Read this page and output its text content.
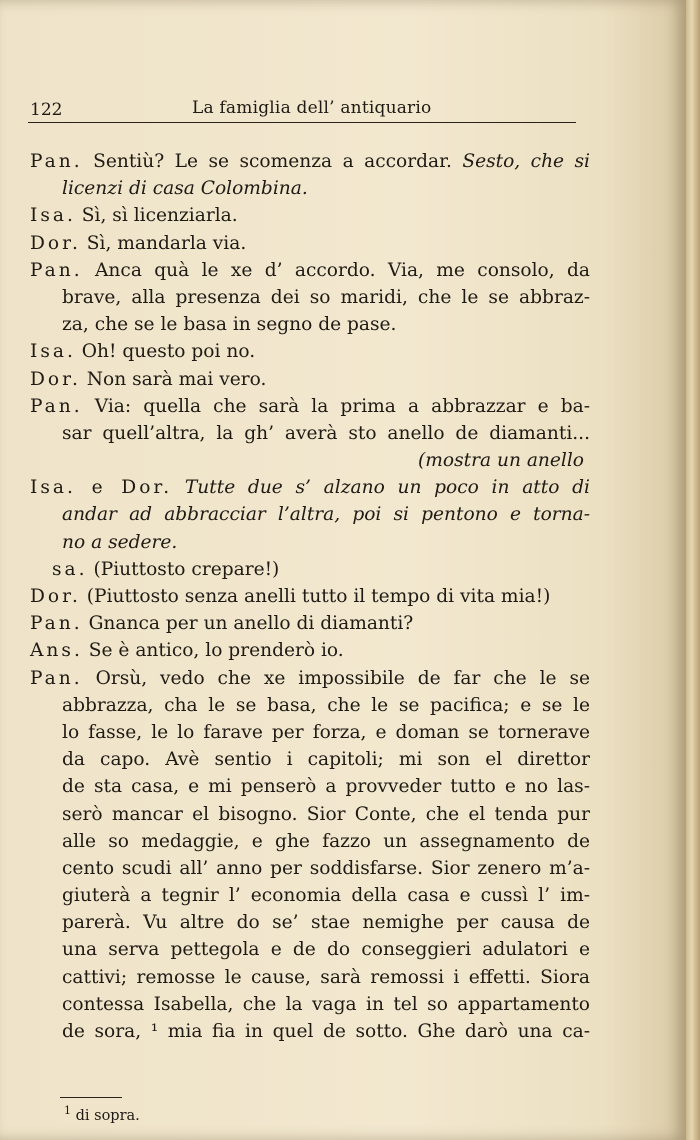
122	La famiglia dell’ antiquario
Pan. Sentiù? Le se scomenza a accordar. Sesto, che si
licenzi di casa Colombina.
Isa. Sì, sì licenziarla.
Dor. Sì, mandarla via.
Pan. Anca quà le xe d’ accordo. Via, me consolo, da
brave, alla presenza dei so maridi, che le se abbraz-
za, che se le basa in segno de pase.
Isa. Oh! questo poi no.
Dor. Non sarà mai vero.
Pan. Via: quella che sarà la prima a abbrazzar e ba-
sar quell’altra, la gh’ averà sto anello de diamanti...
(mostra un anello
Isa. e Dor. Tutte due s’ alzano un poco in atto di
andar ad abbracciar l’altra, poi si pentono e torna-
no a sedere.
sa. (Piuttosto crepare!)
Dor. (Piuttosto senza anelli tutto il tempo di vita mia!)
Pan. Gnanca per un anello di diamanti?
Ans. Se è antico, lo prenderò io.
Pan. Orsù, vedo che xe impossibile de far che le se
abbrazza, cha le se basa, che le se pacifica; e se le
lo fasse, le lo farave per forza, e doman se tornerave
da capo. Avè sentio i capitoli; mi son el direttor
de sta casa, e mi penserò a provveder tutto e no las-
serò mancar el bisogno. Sior Conte, che el tenda pur
alle so medaggie, e ghe fazzo un assegnamento de
cento scudi all’ anno per soddisfarse. Sior zenero m’a-
giuterà a tegnir l’ economia della casa e cussì l’ im-
parerà. Vu altre do se’ stae nemighe per causa de
una serva pettegola e de do conseggieri adulatori e
cattivi; remosse le cause, sarà remossi i effetti. Siora
contessa Isabella, che la vaga in tel so appartamento
de sora, ¹ mia fia in quel de sotto. Ghe darò una ca-
$^1$ di sopra.
